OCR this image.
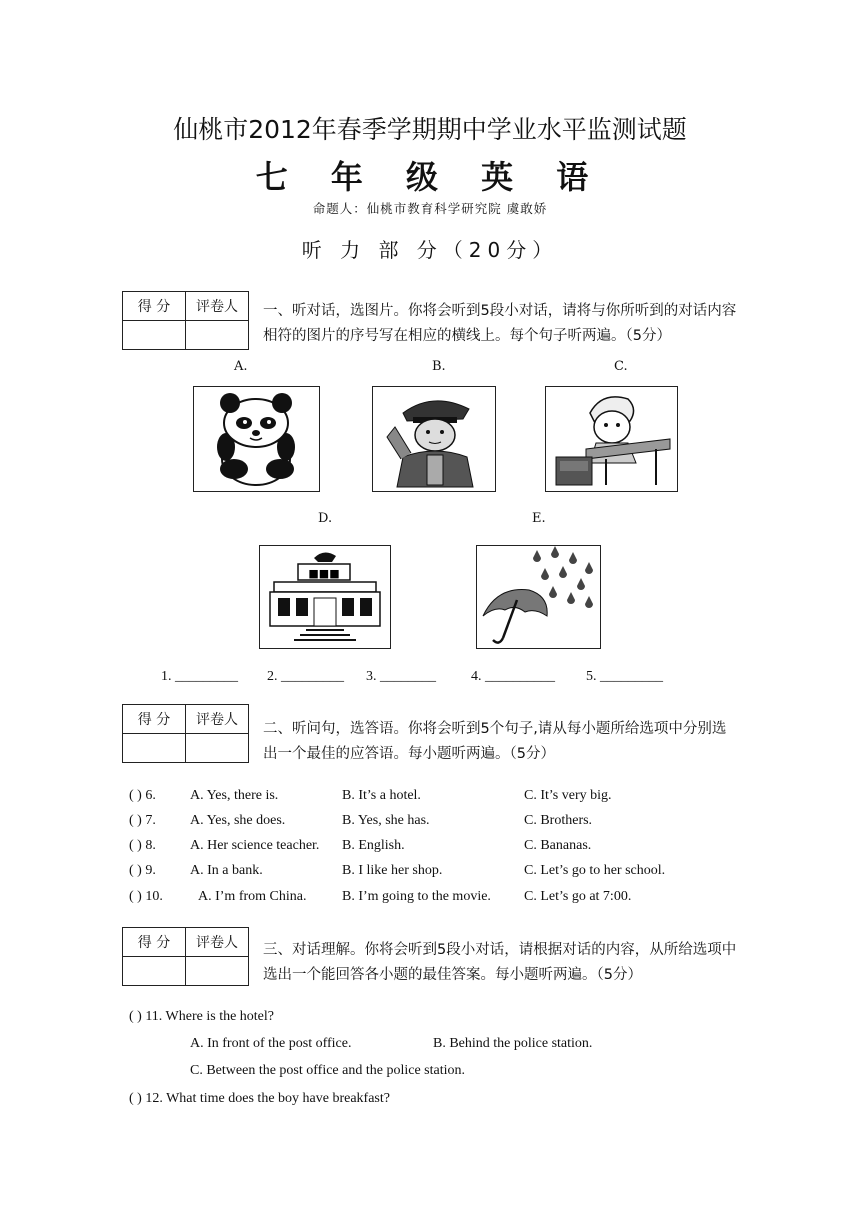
仙桃市2012年春季学期期中学业水平监测试题
七 年 级 英 语
命题人：仙桃市教育科学研究院 虞敢娇
听 力 部 分（20分）
得 分	评卷人
	一、听对话，选图片。你将会听到5段小对话，请将与你所听到的对话内容相符的图片的序号写在相应的横线上。每个句子听两遍。（5分）
A.	B.	C.
D.	E.
■■■
1. _________ 2. _________ 3. ________	4. __________ 5. _________
得 分	评卷人

二、听问句，选答语。你将会听到5个句子,请从每小题所给选项中分别选出一个最佳的应答语。每小题听两遍。（5分）
( ) 6. A. Yes, there is.	B. It’s a hotel.	C. It’s very big.
( ) 7. A. Yes, she does.	B. Yes, she has.	C. Brothers.
( ) 8. A. Her science teacher. B. English.	C. Bananas.
( ) 9. A. In a bank.	B. I like her shop.	C. Let’s go to her school.
( ) 10.	A. I’m from China.	B. I’m going to the movie. C. Let’s go at 7:00.
得 分	评卷人
	三、对话理解。你将会听到5段小对话，请根据对话的内容，从所给选项中选出一个能回答各小题的最佳答案。每小题听两遍。（5分）
( ) 11. Where is the hotel?
A. In front of the post office.	B. Behind the police station.
C. Between the post office and the police station.
( ) 12. What time does the boy have breakfast?
